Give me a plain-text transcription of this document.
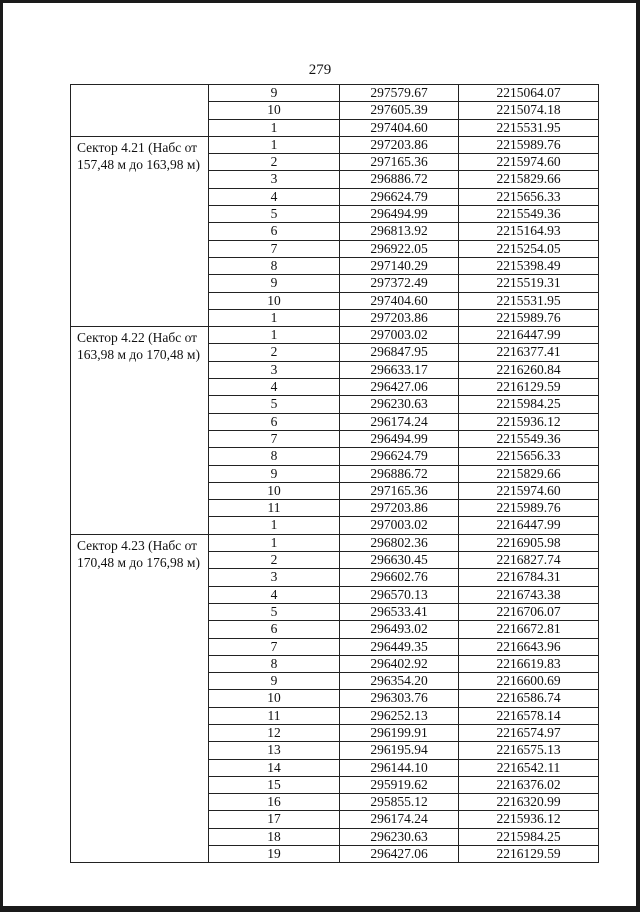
279
	9	297579.67	2215064.07
	10	297605.39	2215074.18
	1	297404.60	2215531.95
Сектор 4.21 (Набс от 157,48 м до 163,98 м)	1	297203.86	2215989.76
	2	297165.36	2215974.60
	3	296886.72	2215829.66
	4	296624.79	2215656.33
	5	296494.99	2215549.36
	6	296813.92	2215164.93
	7	296922.05	2215254.05
	8	297140.29	2215398.49
	9	297372.49	2215519.31
	10	297404.60	2215531.95
	1	297203.86	2215989.76
Сектор 4.22 (Набс от 163,98 м до 170,48 м)	1	297003.02	2216447.99
	2	296847.95	2216377.41
	3	296633.17	2216260.84
	4	296427.06	2216129.59
	5	296230.63	2215984.25
	6	296174.24	2215936.12
	7	296494.99	2215549.36
	8	296624.79	2215656.33
	9	296886.72	2215829.66
	10	297165.36	2215974.60
	11	297203.86	2215989.76
	1	297003.02	2216447.99
Сектор 4.23 (Набс от 170,48 м до 176,98 м)	1	296802.36	2216905.98
	2	296630.45	2216827.74
	3	296602.76	2216784.31
	4	296570.13	2216743.38
	5	296533.41	2216706.07
	6	296493.02	2216672.81
	7	296449.35	2216643.96
	8	296402.92	2216619.83
	9	296354.20	2216600.69
	10	296303.76	2216586.74
	11	296252.13	2216578.14
	12	296199.91	2216574.97
	13	296195.94	2216575.13
	14	296144.10	2216542.11
	15	295919.62	2216376.02
	16	295855.12	2216320.99
	17	296174.24	2215936.12
	18	296230.63	2215984.25
	19	296427.06	2216129.59
